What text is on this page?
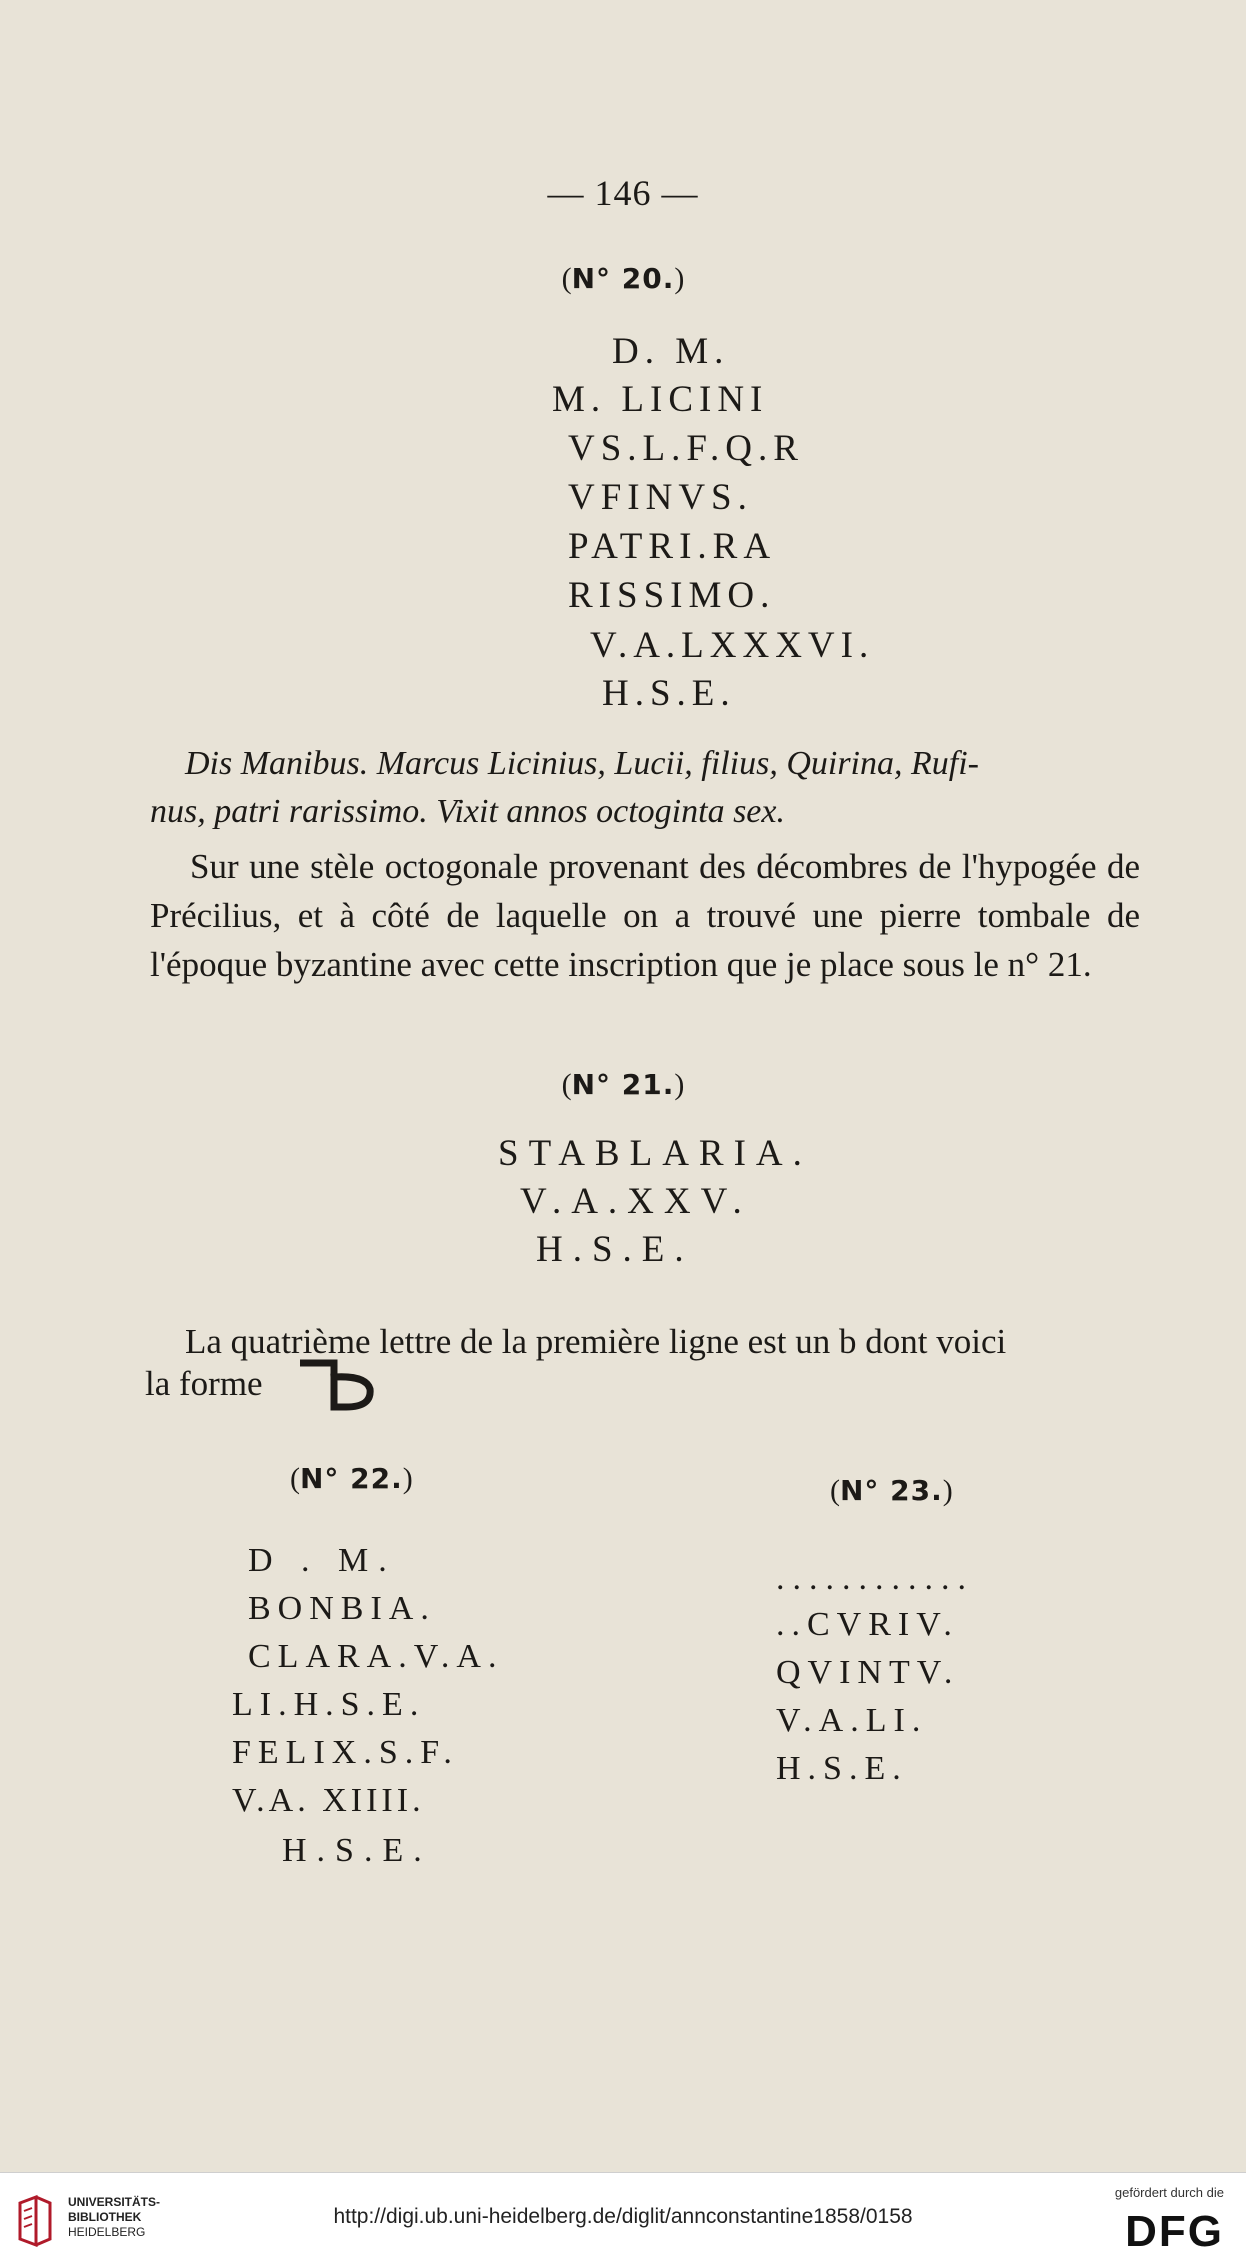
— 146 —
(N° 20.)
D. M.
M. LICINI
VS.L.F.Q.R
VFINVS.
PATRI.RA
RISSIMO.
V.A.LXXXVI.
H.S.E.
Dis Manibus. Marcus Licinius, Lucii, filius, Quirina, Rufi-
nus, patri rarissimo. Vixit annos octoginta sex.
Sur une stèle octogonale provenant des décombres de l'hypogée de Précilius, et à côté de laquelle on a trouvé une pierre tombale de l'époque byzantine avec cette inscription que je place sous le n° 21.
(N° 21.)
STABLARIA.
V.A.XXV.
H.S.E.
La quatrième lettre de la première ligne est un b dont voici
la forme
(N° 22.)
D . M.
BONBIA.
CLARA.V.A.
LI.H.S.E.
FELIX.S.F.
V.A. XIIII.
H.S.E.
(N° 23.)
............
..CVRIV.
QVINTV.
V.A.LI.
H.S.E.
UNIVERSITÄTS-
BIBLIOTHEK
HEIDELBERG
http://digi.ub.uni-heidelberg.de/diglit/annconstantine1858/0158
gefördert durch die
DFG
